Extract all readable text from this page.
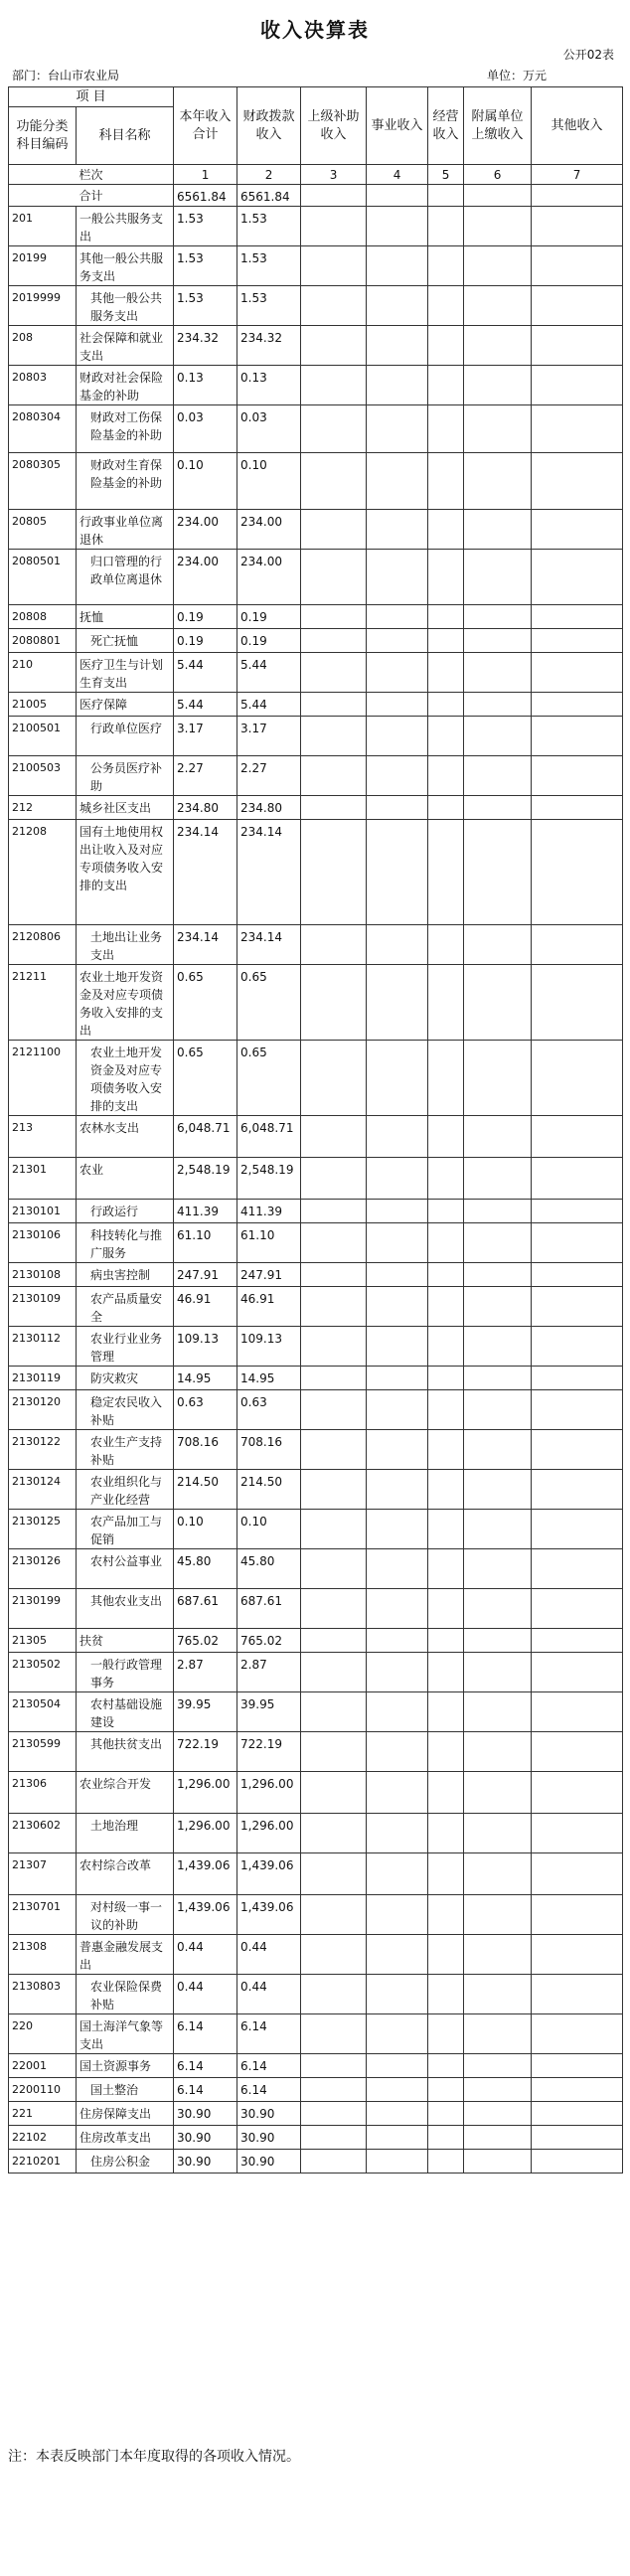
收入决算表
公开02表
部门：台山市农业局	单位：万元
项 目		本年收入合计	财政拨款收入	上级补助收入	事业收入	经营收入	附属单位上缴收入	其他收入
功能分类科目编码	科目名称							
栏次		1	2	3	4	5	6	7
合计		6561.84	6561.84					
201	一般公共服务支出	1.53	1.53					
20199	其他一般公共服务支出	1.53	1.53					
2019999	其他一般公共服务支出	1.53	1.53					
208	社会保障和就业支出	234.32	234.32					
20803	财政对社会保险基金的补助	0.13	0.13					
2080304	财政对工伤保险基金的补助	0.03	0.03					
2080305	财政对生育保险基金的补助	0.10	0.10					
20805	行政事业单位离退休	234.00	234.00					
2080501	归口管理的行政单位离退休	234.00	234.00					
20808	抚恤	0.19	0.19					
2080801	死亡抚恤	0.19	0.19					
210	医疗卫生与计划生育支出	5.44	5.44					
21005	医疗保障	5.44	5.44					
2100501	行政单位医疗	3.17	3.17					
2100503	公务员医疗补助	2.27	2.27					
212	城乡社区支出	234.80	234.80					
21208	国有土地使用权出让收入及对应专项债务收入安排的支出	234.14	234.14					
2120806	土地出让业务支出	234.14	234.14					
21211	农业土地开发资金及对应专项债务收入安排的支出	0.65	0.65					
2121100	农业土地开发资金及对应专项债务收入安排的支出	0.65	0.65					
213	农林水支出	6,048.71	6,048.71					
21301	农业	2,548.19	2,548.19					
2130101	行政运行	411.39	411.39					
2130106	科技转化与推广服务	61.10	61.10					
2130108	病虫害控制	247.91	247.91					
2130109	农产品质量安全	46.91	46.91					
2130112	农业行业业务管理	109.13	109.13					
2130119	防灾救灾	14.95	14.95					
2130120	稳定农民收入补贴	0.63	0.63					
2130122	农业生产支持补贴	708.16	708.16					
2130124	农业组织化与产业化经营	214.50	214.50					
2130125	农产品加工与促销	0.10	0.10					
2130126	农村公益事业	45.80	45.80					
2130199	其他农业支出	687.61	687.61					
21305	扶贫	765.02	765.02					
2130502	一般行政管理事务	2.87	2.87					
2130504	农村基础设施建设	39.95	39.95					
2130599	其他扶贫支出	722.19	722.19					
21306	农业综合开发	1,296.00	1,296.00					
2130602	土地治理	1,296.00	1,296.00					
21307	农村综合改革	1,439.06	1,439.06					
2130701	对村级一事一议的补助	1,439.06	1,439.06					
21308	普惠金融发展支出	0.44	0.44					
2130803	农业保险保费补贴	0.44	0.44					
220	国土海洋气象等支出	6.14	6.14					
22001	国土资源事务	6.14	6.14					
2200110	国土整治	6.14	6.14					
221	住房保障支出	30.90	30.90					
22102	住房改革支出	30.90	30.90					
2210201	住房公积金	30.90	30.90					
注：本表反映部门本年度取得的各项收入情况。
